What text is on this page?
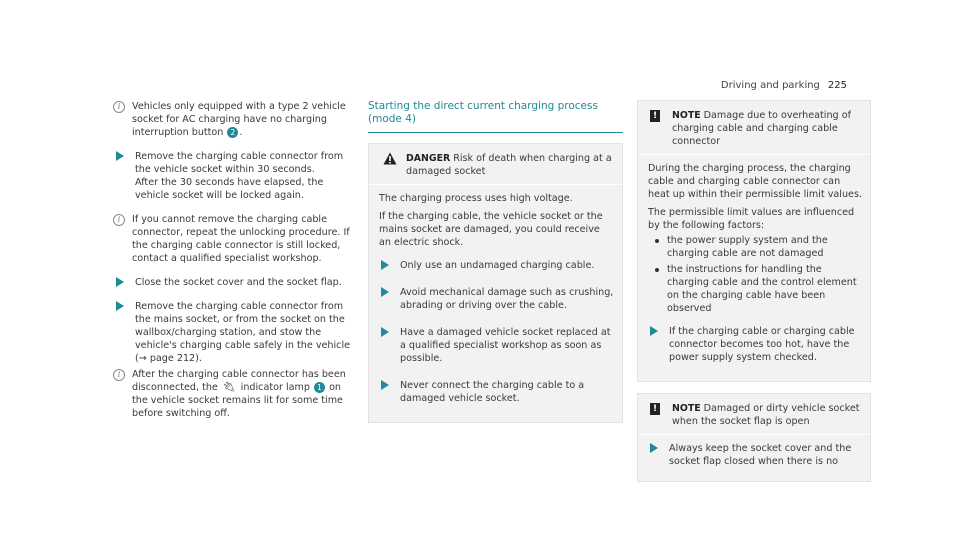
Driving and parking 225
i	Vehicles only equipped with a type 2 vehicle socket for AC charging have no charging interruption button 2 .

Remove the charging cable connector from the vehicle socket within 30 seconds.
After the 30 seconds have elapsed, the vehicle socket will be locked again.

i	If you cannot remove the charging cable connector, repeat the unlocking procedure. If the charging cable connector is still locked, contact a qualified specialist workshop.

Close the socket cover and the socket flap.

Remove the charging cable connector from the mains socket, or from the socket on the wallbox/charging station, and stow the vehicle's charging cable safely in the vehicle (→ page 212).

i	After the charging cable connector has been disconnected, the 🔌︎ indicator lamp 1 on the vehicle socket remains lit for some time before switching off.

Starting the direct current charging process (mode 4)

DANGER Risk of death when charging at a damaged socket

The charging process uses high voltage.

If the charging cable, the vehicle socket or the mains socket are damaged, you could receive an electric shock.

Only use an undamaged charging cable.

Avoid mechanical damage such as crushing, abrading or driving over the cable.

Have a damaged vehicle socket replaced at a qualified specialist workshop as soon as possible.

Never connect the charging cable to a damaged vehicle socket.

!	NOTE Damage due to overheating of charging cable and charging cable connector

During the charging process, the charging cable and charging cable connector can heat up within their permissible limit values.

The permissible limit values are influenced by the following factors:

the power supply system and the charging cable are not damaged
the instructions for handling the charging cable and the control element on the charging cable have been observed

If the charging cable or charging cable connector becomes too hot, have the power supply system checked.

!	NOTE Damaged or dirty vehicle socket when the socket flap is open

Always keep the socket cover and the socket flap closed when there is no
